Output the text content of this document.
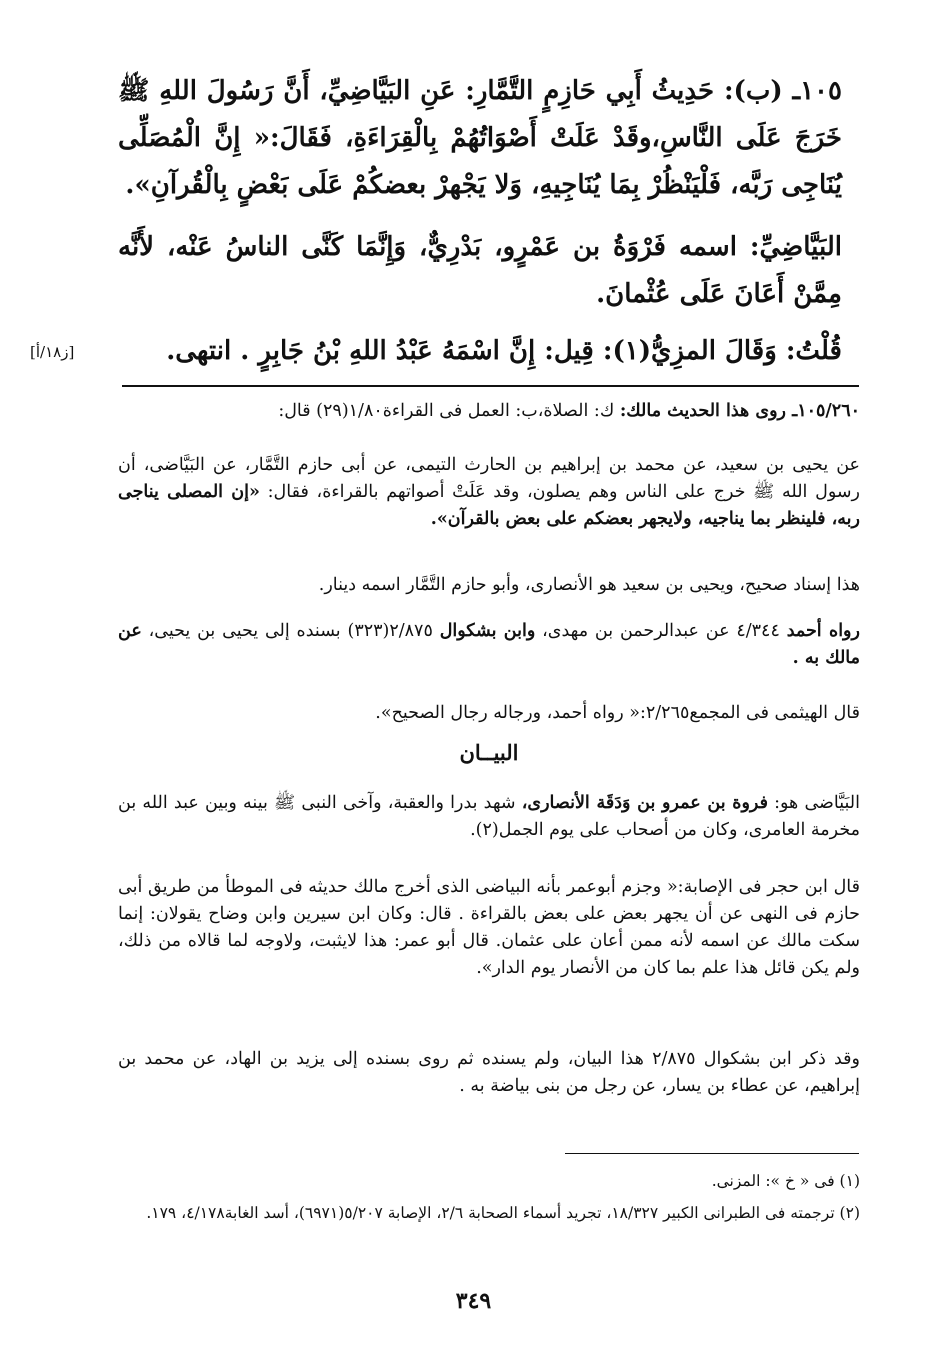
١٠٥ـ (ب): حَدِيثُ أَبِي حَازِمٍ التَّمَّارِ: عَنِ البَيَّاضِيِّ، أَنَّ رَسُولَ اللهِ ﷺ خَرَجَ عَلَى النَّاسِ،وقَدْ عَلَتْ أَصْوَاتُهُمْ بِالْقِرَاءَةِ، فَقَالَ:« إِنَّ الْمُصَلِّى يُنَاجِى رَبَّه، فَلْيَنْظُرْ بِمَا يُنَاجِيهِ، وَلا يَجْهرْ بعضكُمْ عَلَى بَعْضٍ بِالْقُرآنِ».
البَيَّاضِيِّ: اسمه فَرْوَةُ بن عَمْرٍو، بَدْرِيٌّ، وَإِنَّمَا كَنَّى الناسُ عَنْه، لأَنَّه مِمَّنْ أَعَانَ عَلَى عُثْمانَ.
قُلْتُ: وَقَالَ المزِيُّ(١): قِيل: إِنَّ اسْمَهُ عَبْدُ اللهِ بْنُ جَابِرٍ . انتهى.
[ز١٨/أ]
١٠٥/٢٦٠ـ روى هذا الحديث مالك: ك: الصلاة،ب: العمل فى القراءة١/٨٠(٢٩) قال:
عن يحيى بن سعيد، عن محمد بن إبراهيم بن الحارث التيمى، عن أبى حازم التَّمَّار، عن البَيَّاضى، أن رسول الله ﷺ خرج على الناس وهم يصلون، وقد عَلَتْ أصواتهم بالقراءة، فقال: «إن المصلى يناجى ربه، فلينظر بما يناجيه، ولايجهر بعضكم على بعض بالقرآن».
هذا إسناد صحيح، ويحيى بن سعيد هو الأنصارى، وأبو حازم التَّمَّار اسمه دينار.
رواه أحمد ٤/٣٤٤ عن عبدالرحمن بن مهدى، وابن بشكوال ٢/٨٧٥(٣٢٣) بسنده إلى يحيى بن يحيى، عن مالك به .
قال الهيثمى فى المجمع٢/٢٦٥:« رواه أحمد، ورجاله رجال الصحيح».
البيــان
البَيَّاضى هو: فروة بن عمرو بن وَدَقَة الأنصارى، شهد بدرا والعقبة، وآخى النبى ﷺ بينه وبين عبد الله بن مخرمة العامرى، وكان من أصحاب على يوم الجمل(٢).
قال ابن حجر فى الإصابة:« وجزم أبوعمر بأنه البياضى الذى أخرج مالك حديثه فى الموطأ من طريق أبى حازم فى النهى عن أن يجهر بعض على بعض بالقراءة . قال: وكان ابن سيرين وابن وضاح يقولان: إنما سكت مالك عن اسمه لأنه ممن أعان على عثمان. قال أبو عمر: هذا لايثبت، ولاوجه لما قالاه من ذلك، ولم يكن قائل هذا علم بما كان من الأنصار يوم الدار».
وقد ذكر ابن بشكوال ٢/٨٧٥ هذا البيان، ولم يسنده ثم روى بسنده إلى يزيد بن الهاد، عن محمد بن إبراهيم، عن عطاء بن يسار، عن رجل من بنى بياضة به .
(١) فى « خ »: المزنى.
(٢) ترجمته فى الطبرانى الكبير ١٨/٣٢٧، تجريد أسماء الصحابة ٢/٦، الإصابة ٥/٢٠٧(٦٩٧١)، أسد الغابة٤/١٧٨، ١٧٩.
٣٤٩
